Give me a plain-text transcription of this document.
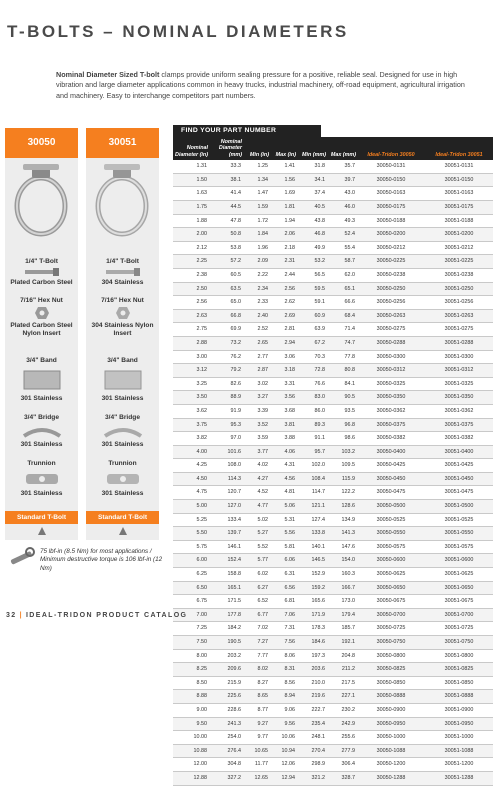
T-BOLTS – NOMINAL DIAMETERS
Nominal Diameter Sized T-bolt clamps provide uniform sealing pressure for a positive, reliable seal. Designed for use in high vibration and large diameter applications common in heavy trucks, industrial machinery, off-road equipment, agricultural irrigation and machinery. Easy to interchange competitors part numbers.
30050
1/4" T-Bolt
Plated Carbon Steel
7/16" Hex Nut
Plated Carbon Steel Nylon Insert
3/4" Band
301 Stainless
3/4" Bridge
301 Stainless
Trunnion
301 Stainless
Standard T-Bolt
30051
1/4" T-Bolt
304 Stainless
7/16" Hex Nut
304 Stainless Nylon Insert
3/4" Band
301 Stainless
3/4" Bridge
301 Stainless
Trunnion
301 Stainless
Standard T-Bolt
75 lbf-in (8.5 Nm) for most applications / Minimum destructive torque is 106 lbf-in (12 Nm)
FIND YOUR PART NUMBER
Nominal Diameter (in)	Nominal Diameter (mm)	Min (in)	Max (in)	Min (mm)	Max (mm)	Ideal-Tridon 30050	Ideal-Tridon 30051
1.31	33.3	1.25	1.41	31.8	35.7	30050-0131	30051-0131
1.50	38.1	1.34	1.56	34.1	39.7	30050-0150	30051-0150
1.63	41.4	1.47	1.69	37.4	43.0	30050-0163	30051-0163
1.75	44.5	1.59	1.81	40.5	46.0	30050-0175	30051-0175
1.88	47.8	1.72	1.94	43.8	49.3	30050-0188	30051-0188
2.00	50.8	1.84	2.06	46.8	52.4	30050-0200	30051-0200
2.12	53.8	1.96	2.18	49.9	55.4	30050-0212	30051-0212
2.25	57.2	2.09	2.31	53.2	58.7	30050-0225	30051-0225
2.38	60.5	2.22	2.44	56.5	62.0	30050-0238	30051-0238
2.50	63.5	2.34	2.56	59.5	65.1	30050-0250	30051-0250
2.56	65.0	2.33	2.62	59.1	66.6	30050-0256	30051-0256
2.63	66.8	2.40	2.69	60.9	68.4	30050-0263	30051-0263
2.75	69.9	2.52	2.81	63.9	71.4	30050-0275	30051-0275
2.88	73.2	2.65	2.94	67.2	74.7	30050-0288	30051-0288
3.00	76.2	2.77	3.06	70.3	77.8	30050-0300	30051-0300
3.12	79.2	2.87	3.18	72.8	80.8	30050-0312	30051-0312
3.25	82.6	3.02	3.31	76.6	84.1	30050-0325	30051-0325
3.50	88.9	3.27	3.56	83.0	90.5	30050-0350	30051-0350
3.62	91.9	3.39	3.68	86.0	93.5	30050-0362	30051-0362
3.75	95.3	3.52	3.81	89.3	96.8	30050-0375	30051-0375
3.82	97.0	3.59	3.88	91.1	98.6	30050-0382	30051-0382
4.00	101.6	3.77	4.06	95.7	103.2	30050-0400	30051-0400
4.25	108.0	4.02	4.31	102.0	109.5	30050-0425	30051-0425
4.50	114.3	4.27	4.56	108.4	115.9	30050-0450	30051-0450
4.75	120.7	4.52	4.81	114.7	122.2	30050-0475	30051-0475
5.00	127.0	4.77	5.06	121.1	128.6	30050-0500	30051-0500
5.25	133.4	5.02	5.31	127.4	134.9	30050-0525	30051-0525
5.50	139.7	5.27	5.56	133.8	141.3	30050-0550	30051-0550
5.75	146.1	5.52	5.81	140.1	147.6	30050-0575	30051-0575
6.00	152.4	5.77	6.06	146.5	154.0	30050-0600	30051-0600
6.25	158.8	6.02	6.31	152.9	160.3	30050-0625	30051-0625
6.50	165.1	6.27	6.56	159.2	166.7	30050-0650	30051-0650
6.75	171.5	6.52	6.81	165.6	173.0	30050-0675	30051-0675
7.00	177.8	6.77	7.06	171.9	179.4	30050-0700	30051-0700
7.25	184.2	7.02	7.31	178.3	185.7	30050-0725	30051-0725
7.50	190.5	7.27	7.56	184.6	192.1	30050-0750	30051-0750
8.00	203.2	7.77	8.06	197.3	204.8	30050-0800	30051-0800
8.25	209.6	8.02	8.31	203.6	211.2	30050-0825	30051-0825
8.50	215.9	8.27	8.56	210.0	217.5	30050-0850	30051-0850
8.88	225.6	8.65	8.94	219.6	227.1	30050-0888	30051-0888
9.00	228.6	8.77	9.06	222.7	230.2	30050-0900	30051-0900
9.50	241.3	9.27	9.56	235.4	242.9	30050-0950	30051-0950
10.00	254.0	9.77	10.06	248.1	255.6	30050-1000	30051-1000
10.88	276.4	10.65	10.94	270.4	277.9	30050-1088	30051-1088
12.00	304.8	11.77	12.06	298.9	306.4	30050-1200	30051-1200
12.88	327.2	12.65	12.94	321.2	328.7	30050-1288	30051-1288
32 | IDEAL-TRIDON PRODUCT CATALOG
